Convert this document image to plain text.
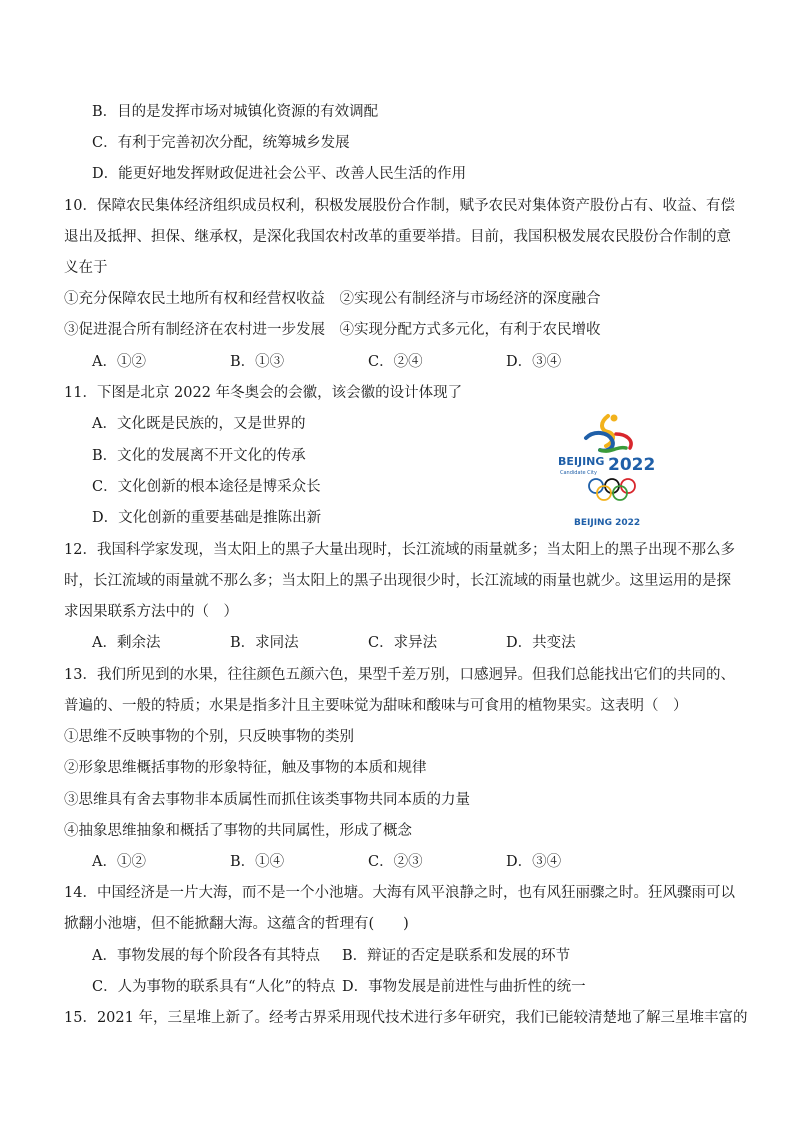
B．目的是发挥市场对城镇化资源的有效调配
C．有利于完善初次分配，统筹城乡发展
D．能更好地发挥财政促进社会公平、改善人民生活的作用
10．保障农民集体经济组织成员权利，积极发展股份合作制，赋予农民对集体资产股份占有、收益、有偿
退出及抵押、担保、继承权，是深化我国农村改革的重要举措。目前，我国积极发展农民股份合作制的意
义在于
①充分保障农民土地所有权和经营权收益　②实现公有制经济与市场经济的深度融合
③促进混合所有制经济在农村进一步发展　④实现分配方式多元化，有利于农民增收
A．①②	B．①③	C．②④	D．③④
11．下图是北京 2022 年冬奥会的会徽，该会徽的设计体现了
A．文化既是民族的，又是世界的
B．文化的发展离不开文化的传承
C．文化创新的根本途径是博采众长
D．文化创新的重要基础是推陈出新
BEIJING
Candidate City 2022
BEIJING 2022
12．我国科学家发现，当太阳上的黑子大量出现时，长江流域的雨量就多；当太阳上的黑子出现不那么多
时，长江流域的雨量就不那么多；当太阳上的黑子出现很少时，长江流域的雨量也就少。这里运用的是探
求因果联系方法中的（　）
A．剩余法	B．求同法	C．求异法	D．共变法
13．我们所见到的水果，往往颜色五颜六色，果型千差万别，口感迥异。但我们总能找出它们的共同的、
普遍的、一般的特质；水果是指多汁且主要味觉为甜味和酸味与可食用的植物果实。这表明（　）
①思维不反映事物的个别，只反映事物的类别
②形象思维概括事物的形象特征，触及事物的本质和规律
③思维具有舍去事物非本质属性而抓住该类事物共同本质的力量
④抽象思维抽象和概括了事物的共同属性，形成了概念
A．①②	B．①④	C．②③	D．③④
14．中国经济是一片大海，而不是一个小池塘。大海有风平浪静之时，也有风狂丽骤之时。狂风骤雨可以
掀翻小池塘，但不能掀翻大海。这蕴含的哲理有(　　)
A．事物发展的每个阶段各有其特点 B．辩证的否定是联系和发展的环节
C．人为事物的联系具有“人化”的特点 D．事物发展是前进性与曲折性的统一
15．2021 年，三星堆上新了。经考古界采用现代技术进行多年研究，我们已能较清楚地了解三星堆丰富的
